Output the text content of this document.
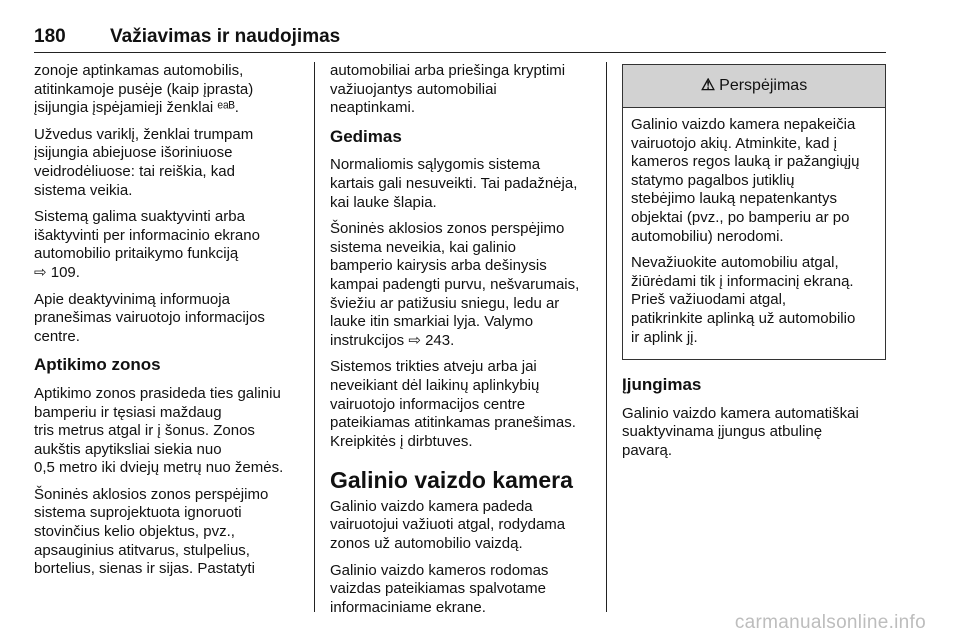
180	Važiavimas ir naudojimas

zonoje aptinkamas automobilis,
atitinkamoje pusėje (kaip įprasta)
įsijungia įspėjamieji ženklai ᵉᵃᴮ.

Užvedus variklį, ženklai trumpam
įsijungia abiejuose išoriniuose
veidrodėliuose: tai reiškia, kad
sistema veikia.

Sistemą galima suaktyvinti arba
išaktyvinti per informacinio ekrano
automobilio pritaikymo funkciją
⇨ 109.

Apie deaktyvinimą informuoja
pranešimas vairuotojo informacijos
centre.

Aptikimo zonos

Aptikimo zonos prasideda ties galiniu
bamperiu ir tęsiasi maždaug
tris metrus atgal ir į šonus. Zonos
aukštis apytiksliai siekia nuo
0,5 metro iki dviejų metrų nuo žemės.

Šoninės aklosios zonos perspėjimo
sistema suprojektuota ignoruoti
stovinčius kelio objektus, pvz.,
apsauginius atitvarus, stulpelius,
bortelius, sienas ir sijas. Pastatyti

automobiliai arba priešinga kryptimi
važiuojantys automobiliai
neaptinkami.

Gedimas

Normaliomis sąlygomis sistema
kartais gali nesuveikti. Tai padažnėja,
kai lauke šlapia.

Šoninės aklosios zonos perspėjimo
sistema neveikia, kai galinio
bamperio kairysis arba dešinysis
kampai padengti purvu, nešvarumais,
šviežiu ar patižusiu sniegu, ledu ar
lauke itin smarkiai lyja. Valymo
instrukcijos ⇨ 243.

Sistemos trikties atveju arba jai
neveikiant dėl laikinų aplinkybių
vairuotojo informacijos centre
pateikiamas atitinkamas pranešimas.
Kreipkitės į dirbtuves.

Galinio vaizdo kamera

Galinio vaizdo kamera padeda
vairuotojui važiuoti atgal, rodydama
zonos už automobilio vaizdą.

Galinio vaizdo kameros rodomas
vaizdas pateikiamas spalvotame
informaciniame ekrane.

⚠ Perspėjimas

Galinio vaizdo kamera nepakeičia
vairuotojo akių. Atminkite, kad į
kameros regos lauką ir pažangiųjų
statymo pagalbos jutiklių
stebėjimo lauką nepatenkantys
objektai (pvz., po bamperiu ar po
automobiliu) nerodomi.

Nevažiuokite automobiliu atgal,
žiūrėdami tik į informacinį ekraną.
Prieš važiuodami atgal,
patikrinkite aplinką už automobilio
ir aplink jį.

Įjungimas

Galinio vaizdo kamera automatiškai
suaktyvinama įjungus atbulinę
pavarą.

carmanualsonline.info
